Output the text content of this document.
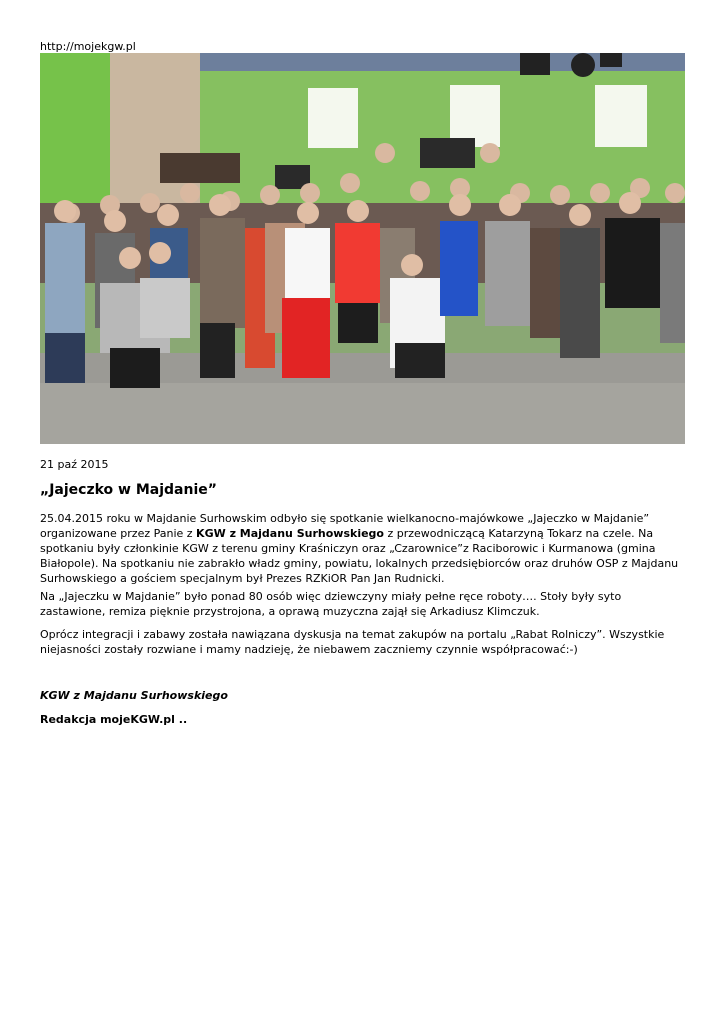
http://mojekgw.pl
21 paź 2015
„Jajeczko w Majdanie”

25.04.2015 roku w Majdanie Surhowskim odbyło się spotkanie wielkanocno-majówkowe „Jajeczko w Majdanie” organizowane przez Panie z KGW z Majdanu Surhowskiego z przewodniczącą Katarzyną Tokarz na czele. Na spotkaniu były członkinie KGW z terenu gminy Kraśniczyn oraz „Czarownice”z Raciborowic i Kurmanowa (gmina Białopole). Na spotkaniu nie zabrakło władz gminy, powiatu, lokalnych przedsiębiorców oraz druhów OSP z Majdanu Surhowskiego a gościem specjalnym był Prezes RZKiOR Pan Jan Rudnicki.

Na „Jajeczku w Majdanie” było ponad 80 osób więc dziewczyny miały pełne ręce roboty…. Stoły były syto zastawione, remiza pięknie przystrojona, a oprawą muzyczna zajął się Arkadiusz Klimczuk.

Oprócz integracji i zabawy została nawiązana dyskusja na temat zakupów na portalu „Rabat Rolniczy”. Wszystkie niejasności zostały rozwiane i mamy nadzieję, że niebawem zaczniemy czynnie współpracować:-)

KGW z Majdanu Surhowskiego
Redakcja mojeKGW.pl ..
